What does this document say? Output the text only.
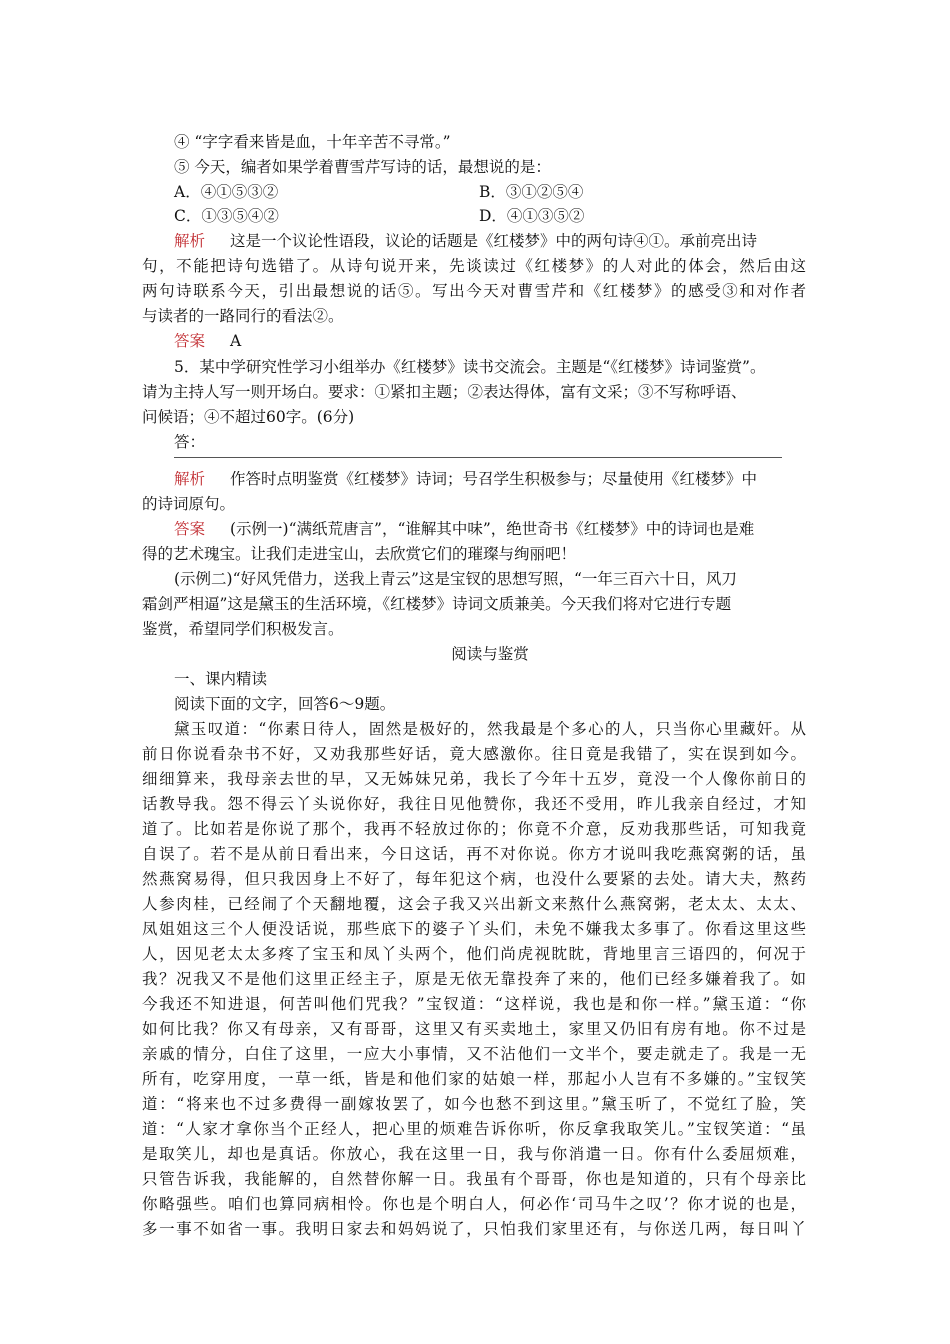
④ “字字看来皆是血，十年辛苦不寻常。”
⑤ 今天，编者如果学着曹雪芹写诗的话，最想说的是：
A．④①⑤③②	B．③①②⑤④
C．①③⑤④②	D．④①③⑤②
解析 这是一个议论性语段，议论的话题是《红楼梦》中的两句诗④①。承前亮出诗
句，不能把诗句选错了。从诗句说开来，先谈读过《红楼梦》的人对此的体会，然后由这
两句诗联系今天，引出最想说的话⑤。写出今天对曹雪芹和《红楼梦》的感受③和对作者
与读者的一路同行的看法②。
答案 A
5．某中学研究性学习小组举办《红楼梦》读书交流会。主题是“《红楼梦》诗词鉴赏”。
请为主持人写一则开场白。要求：①紧扣主题；②表达得体，富有文采；③不写称呼语、
问候语；④不超过60字。(6分)
答：
解析 作答时点明鉴赏《红楼梦》诗词；号召学生积极参与；尽量使用《红楼梦》中
的诗词原句。
答案 (示例一)“满纸荒唐言”，“谁解其中味”，绝世奇书《红楼梦》中的诗词也是难
得的艺术瑰宝。让我们走进宝山，去欣赏它们的璀璨与绚丽吧！
(示例二)“好风凭借力，送我上青云”这是宝钗的思想写照，“一年三百六十日，风刀
霜剑严相逼”这是黛玉的生活环境，《红楼梦》诗词文质兼美。今天我们将对它进行专题
鉴赏，希望同学们积极发言。
阅读与鉴赏
一、课内精读
阅读下面的文字，回答6～9题。
黛玉叹道：“你素日待人，固然是极好的，然我最是个多心的人，只当你心里藏奸。从
前日你说看杂书不好，又劝我那些好话，竟大感激你。往日竟是我错了，实在误到如今。
细细算来，我母亲去世的早，又无姊妹兄弟，我长了今年十五岁，竟没一个人像你前日的
话教导我。怨不得云丫头说你好，我往日见他赞你，我还不受用，昨儿我亲自经过，才知
道了。比如若是你说了那个，我再不轻放过你的；你竟不介意，反劝我那些话，可知我竟
自误了。若不是从前日看出来，今日这话，再不对你说。你方才说叫我吃燕窝粥的话，虽
然燕窝易得，但只我因身上不好了，每年犯这个病，也没什么要紧的去处。请大夫，熬药
人参肉桂，已经闹了个天翻地覆，这会子我又兴出新文来熬什么燕窝粥，老太太、太太、
凤姐姐这三个人便没话说，那些底下的婆子丫头们，未免不嫌我太多事了。你看这里这些
人，因见老太太多疼了宝玉和凤丫头两个，他们尚虎视眈眈，背地里言三语四的，何况于
我？况我又不是他们这里正经主子，原是无依无靠投奔了来的，他们已经多嫌着我了。如
今我还不知进退，何苦叫他们咒我？”宝钗道：“这样说，我也是和你一样。”黛玉道：“你
如何比我？你又有母亲，又有哥哥，这里又有买卖地土，家里又仍旧有房有地。你不过是
亲戚的情分，白住了这里，一应大小事情，又不沾他们一文半个，要走就走了。我是一无
所有，吃穿用度，一草一纸，皆是和他们家的姑娘一样，那起小人岂有不多嫌的。”宝钗笑
道：“将来也不过多费得一副嫁妆罢了，如今也愁不到这里。”黛玉听了，不觉红了脸，笑
道：“人家才拿你当个正经人，把心里的烦难告诉你听，你反拿我取笑儿。”宝钗笑道：“虽
是取笑儿，却也是真话。你放心，我在这里一日，我与你消遣一日。你有什么委屈烦难，
只管告诉我，我能解的，自然替你解一日。我虽有个哥哥，你也是知道的，只有个母亲比
你略强些。咱们也算同病相怜。你也是个明白人，何必作‘司马牛之叹’？你才说的也是，
多一事不如省一事。我明日家去和妈妈说了，只怕我们家里还有，与你送几两，每日叫丫
